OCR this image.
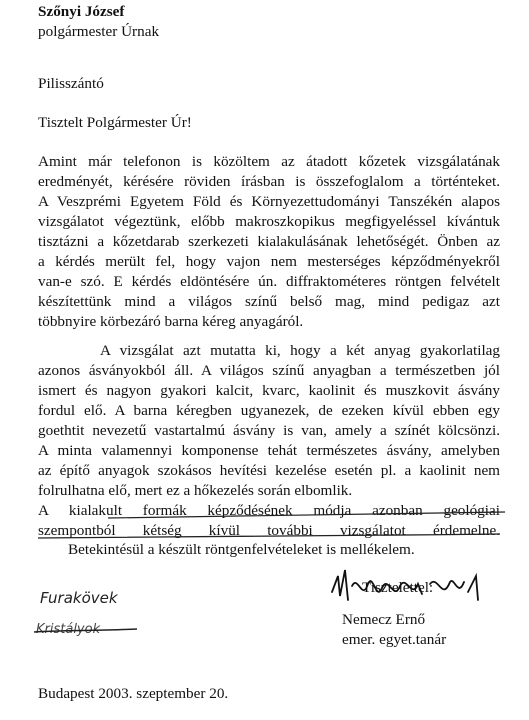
Szőnyi József
polgármester Úrnak
Pilisszántó
Tisztelt Polgármester Úr!
Amint már telefonon is közöltem az átadott kőzetek vizsgálatának
eredményét, kérésére röviden írásban is összefoglalom a történteket.
A Veszprémi Egyetem Föld és Környezettudományi Tanszékén alapos
vizsgálatot végeztünk, előbb makroszkopikus megfigyeléssel kívántuk
tisztázni a kőzetdarab szerkezeti kialakulásának lehetőségét. Önben az
a kérdés merült fel, hogy vajon nem mesterséges képződményekről
van-e szó. E kérdés eldöntésére ún. diffraktométeres röntgen felvételt
készítettünk mind a világos színű belső mag, mind pedigaz azt
többnyire körbezáró barna kéreg anyagáról.
A vizsgálat azt mutatta ki, hogy a két anyag gyakorlatilag
azonos ásványokból áll. A világos színű anyagban a természetben jól
ismert és nagyon gyakori kalcit, kvarc, kaolinit és muszkovit ásvány
fordul elő. A barna kéregben ugyanezek, de ezeken kívül ebben egy
goethtit nevezetű vastartalmú ásvány is van, amely a színét kölcsönzi.
A minta valamennyi komponense tehát természetes ásvány, amelyben
az építő anyagok szokásos hevítési kezelése esetén pl. a kaolinit nem
folrulhatna elő, mert ez a hőkezelés során elbomlik.
A kialakult formák képződésének módja azonban geológiai
szempontból kétség kívül további vizsgálatot érdemelne.
Betekintésül a készült röntgenfelvételeket is mellékelem.
Tisztelettel:
Nemecz Ernő
emer. egyet.tanár
Furakövek
Kristályok
Budapest 2003. szeptember 20.
